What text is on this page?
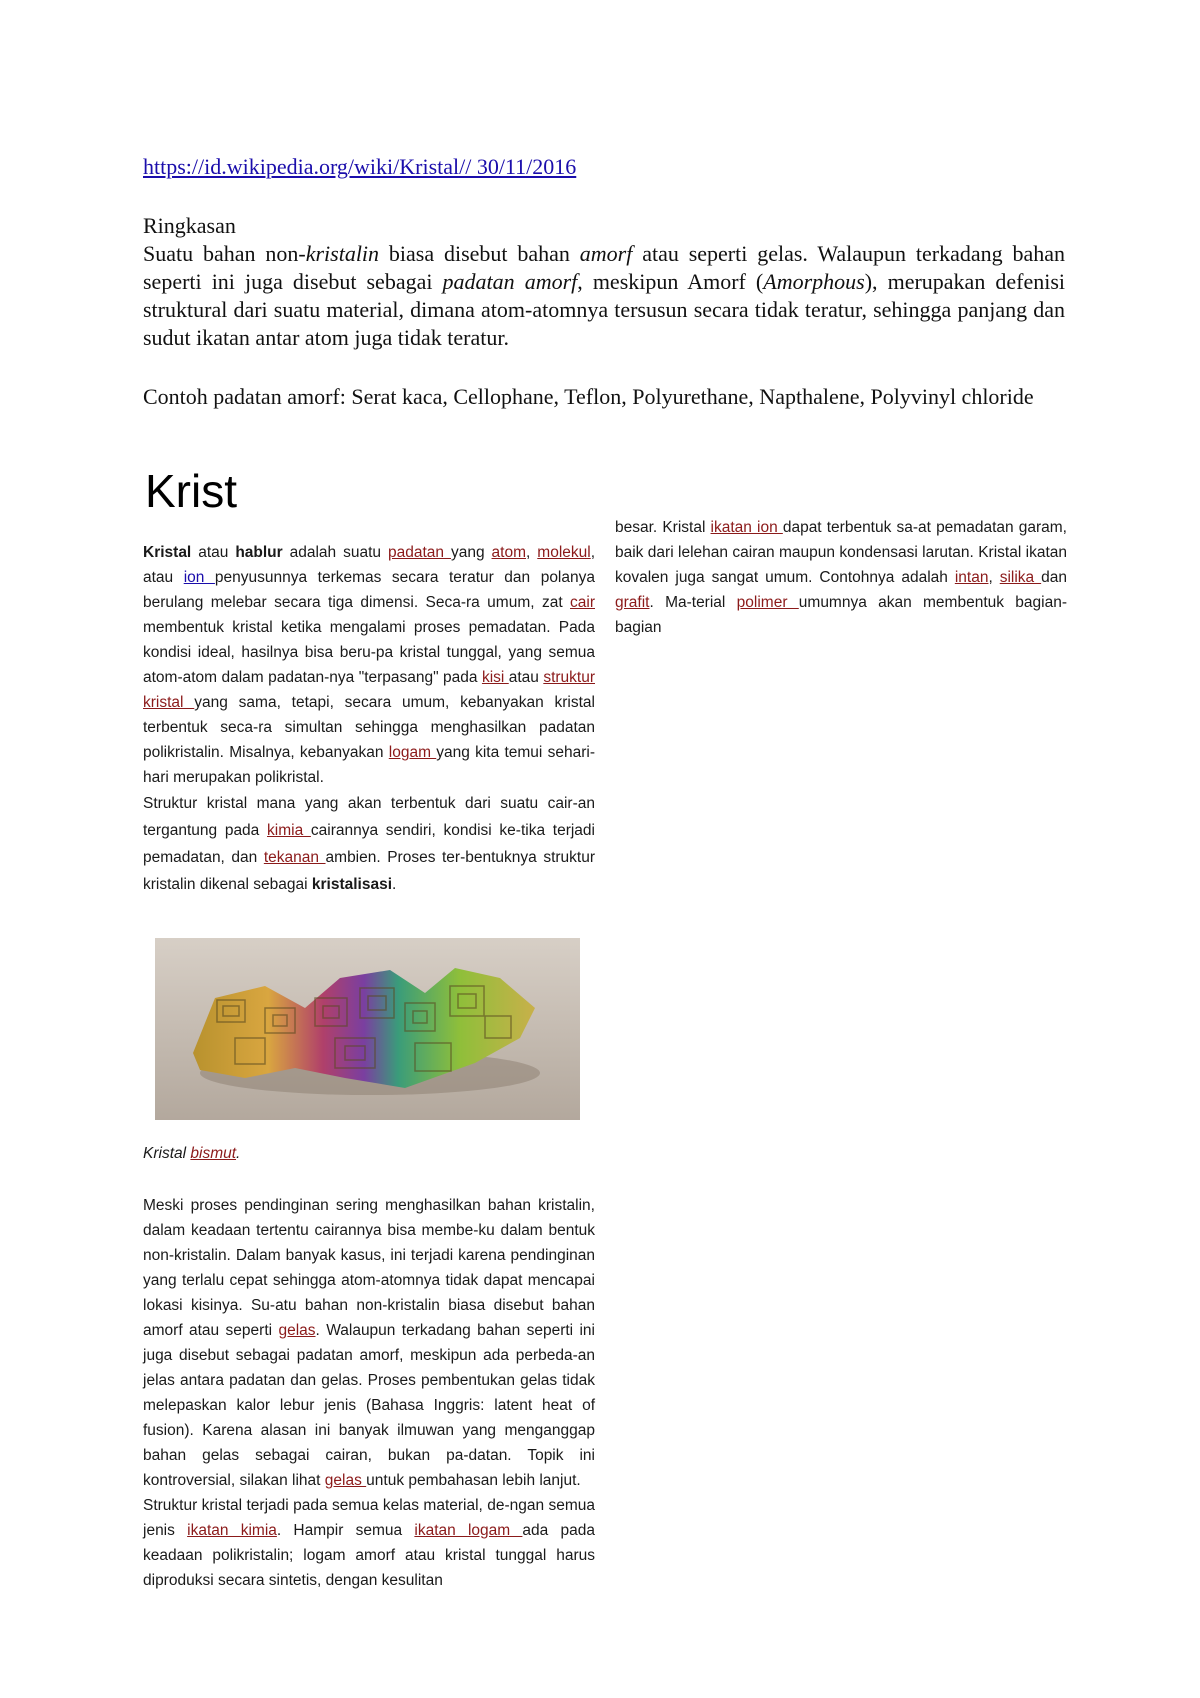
https://id.wikipedia.org/wiki/Kristal// 30/11/2016
Ringkasan

Suatu bahan non-kristalin biasa disebut bahan amorf atau seperti gelas. Walaupun terkadang bahan seperti ini juga disebut sebagai padatan amorf, meskipun Amorf (Amorphous), merupakan defenisi struktural dari suatu material, dimana atom-atomnya tersusun secara tidak teratur, sehingga panjang dan sudut ikatan antar atom juga tidak teratur.

Contoh padatan amorf: Serat kaca, Cellophane, Teflon, Polyurethane, Napthalene, Polyvinyl chloride

Krist

Kristal atau hablur adalah suatu padatan yang atom, molekul, atau ion penyusunnya terkemas secara teratur dan polanya berulang melebar secara tiga dimensi. Seca-ra umum, zat cair membentuk kristal ketika mengalami proses pemadatan. Pada kondisi ideal, hasilnya bisa beru-pa kristal tunggal, yang semua atom-atom dalam padatan-nya "terpasang" pada kisi atau struktur kristal yang sama, tetapi, secara umum, kebanyakan kristal terbentuk seca-ra simultan sehingga menghasilkan padatan polikristalin. Misalnya, kebanyakan logam yang kita temui sehari-hari merupakan polikristal.

Struktur kristal mana yang akan terbentuk dari suatu cair-an tergantung pada kimia cairannya sendiri, kondisi ke-tika terjadi pemadatan, dan tekanan ambien. Proses ter-bentuknya struktur kristalin dikenal sebagai kristalisasi.

Kristal bismut.

Meski proses pendinginan sering menghasilkan bahan kristalin, dalam keadaan tertentu cairannya bisa membe-ku dalam bentuk non-kristalin. Dalam banyak kasus, ini terjadi karena pendinginan yang terlalu cepat sehingga atom-atomnya tidak dapat mencapai lokasi kisinya. Su-atu bahan non-kristalin biasa disebut bahan amorf atau seperti gelas. Walaupun terkadang bahan seperti ini juga disebut sebagai padatan amorf, meskipun ada perbeda-an jelas antara padatan dan gelas. Proses pembentukan gelas tidak melepaskan kalor lebur jenis (Bahasa Inggris: latent heat of fusion). Karena alasan ini banyak ilmuwan yang menganggap bahan gelas sebagai cairan, bukan pa-datan. Topik ini kontroversial, silakan lihat gelas untuk pembahasan lebih lanjut.

Struktur kristal terjadi pada semua kelas material, de-ngan semua jenis ikatan kimia. Hampir semua ikatan logam ada pada keadaan polikristalin; logam amorf atau kristal tunggal harus diproduksi secara sintetis, dengan kesulitan

besar. Kristal ikatan ion dapat terbentuk sa-at pemadatan garam, baik dari lelehan cairan maupun kondensasi larutan. Kristal ikatan kovalen juga sangat umum. Contohnya adalah intan, silika dan grafit. Ma-terial polimer umumnya akan membentuk bagian-bagian
